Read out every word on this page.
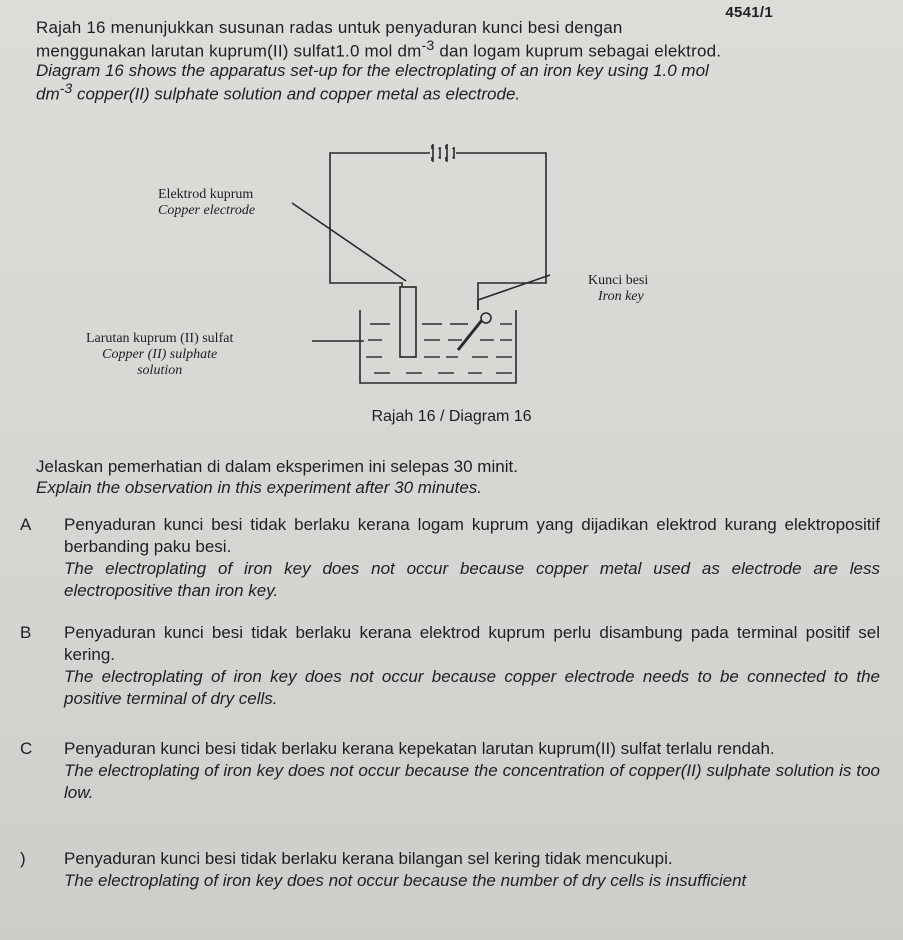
4541/1
Rajah 16 menunjukkan susunan radas untuk penyaduran kunci besi dengan
menggunakan larutan kuprum(II) sulfat1.0 mol $dm^{-3}$ dan logam kuprum sebagai elektrod.
Diagram 16 shows the apparatus set-up for the electroplating of an iron key using 1.0 mol
$dm^{-3}$ copper(II) sulphate solution and copper metal as electrode.
Elektrod kuprum
Copper electrode
Kunci besi
Iron key
Larutan kuprum (II) sulfat
Copper (II) sulphate
solution
Rajah 16 / Diagram 16
Jelaskan pemerhatian di dalam eksperimen ini selepas 30 minit.
Explain the observation in this experiment after 30 minutes.
A	Penyaduran kunci besi tidak berlaku kerana logam kuprum yang dijadikan elektrod kurang elektropositif berbanding paku besi.
The electroplating of iron key does not occur because copper metal used as electrode are less electropositive than iron key.
B	Penyaduran kunci besi tidak berlaku kerana elektrod kuprum perlu disambung pada terminal positif sel kering.
The electroplating of iron key does not occur because copper electrode needs to be connected to the positive terminal of dry cells.
C	Penyaduran kunci besi tidak berlaku kerana kepekatan larutan kuprum(II) sulfat terlalu rendah.
The electroplating of iron key does not occur because the concentration of copper(II) sulphate solution is too low.
)	Penyaduran kunci besi tidak berlaku kerana bilangan sel kering tidak mencukupi.
The electroplating of iron key does not occur because the number of dry cells is insufficient
